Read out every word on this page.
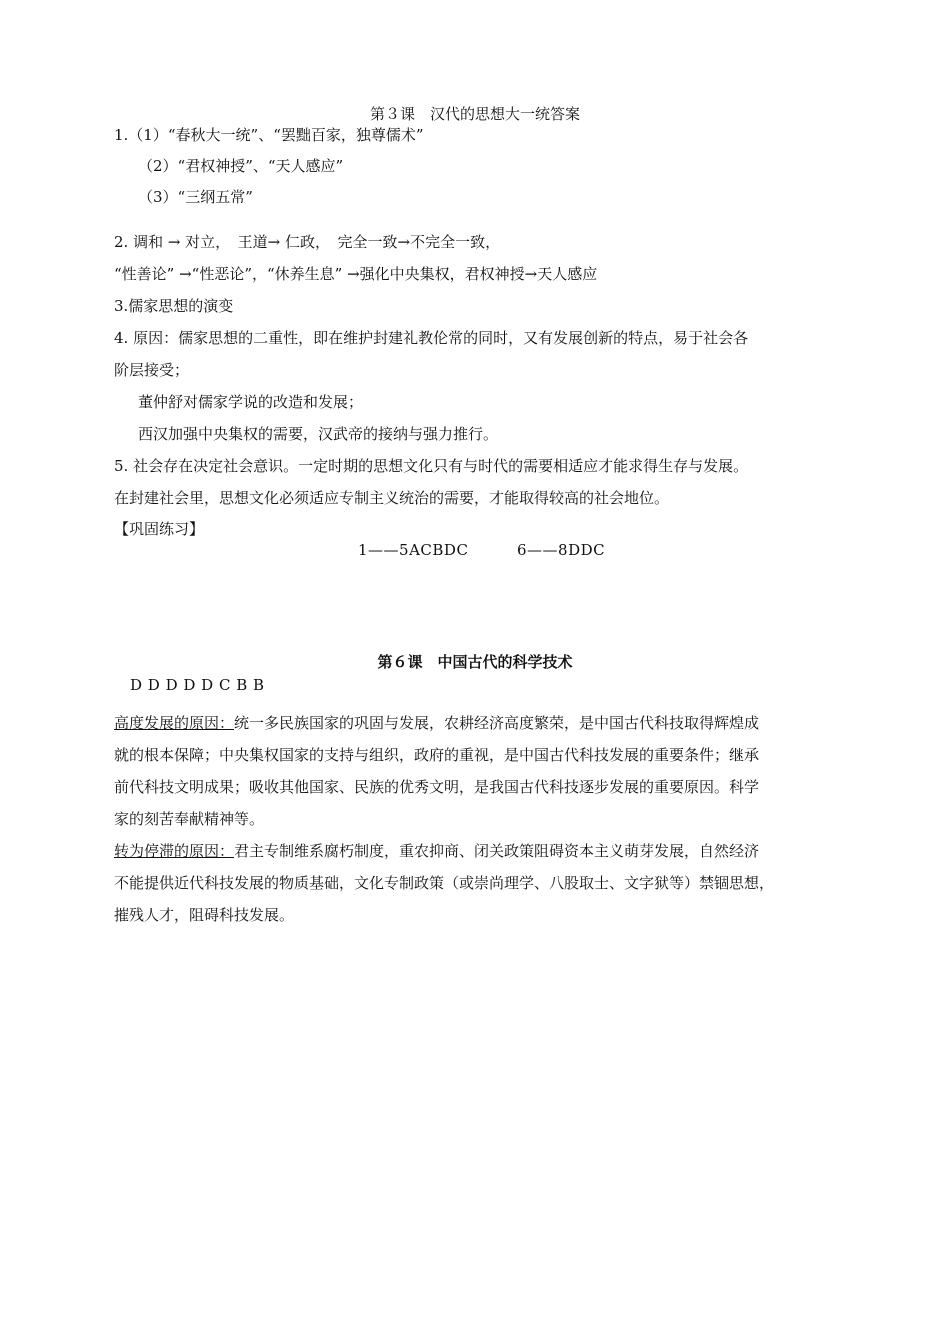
第３课　汉代的思想大一统答案
1.（1）“春秋大一统”、“罢黜百家，独尊儒术”
（2）“君权神授”、“天人感应”
（3）“三纲五常”
2. 调和 → 对立，　王道→ 仁政，　完全一致→不完全一致，
“性善论” →“性恶论”，“休养生息” →强化中央集权，君权神授→天人感应
3.儒家思想的演变
4. 原因：儒家思想的二重性，即在维护封建礼教伦常的同时，又有发展创新的特点，易于社会各
阶层接受；
董仲舒对儒家学说的改造和发展；
西汉加强中央集权的需要，汉武帝的接纳与强力推行。
5. 社会存在决定社会意识。一定时期的思想文化只有与时代的需要相适应才能求得生存与发展。
在封建社会里，思想文化必须适应专制主义统治的需要，才能取得较高的社会地位。
【巩固练习】
1——5ACBDC	6——8DDC
第６课　中国古代的科学技术
D D D D D C B B
高度发展的原因：统一多民族国家的巩固与发展，农耕经济高度繁荣，是中国古代科技取得辉煌成
就的根本保障；中央集权国家的支持与组织，政府的重视，是中国古代科技发展的重要条件；继承
前代科技文明成果；吸收其他国家、民族的优秀文明，是我国古代科技逐步发展的重要原因。科学
家的刻苦奉献精神等。
转为停滞的原因：君主专制维系腐朽制度，重农抑商、闭关政策阻碍资本主义萌芽发展，自然经济
不能提供近代科技发展的物质基础，文化专制政策（或崇尚理学、八股取士、文字狱等）禁锢思想，
摧残人才，阻碍科技发展。
